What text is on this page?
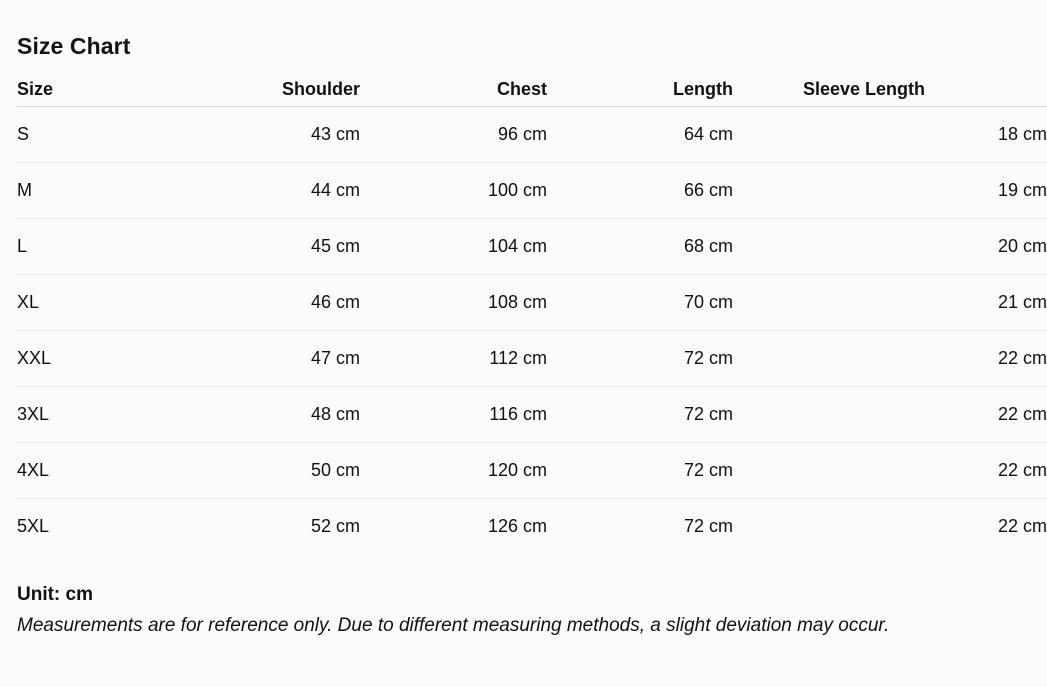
Size Chart
Size	Shoulder	Chest	Length	Sleeve Length
S	43 cm	96 cm	64 cm	18 cm
M	44 cm	100 cm	66 cm	19 cm
L	45 cm	104 cm	68 cm	20 cm
XL	46 cm	108 cm	70 cm	21 cm
XXL	47 cm	112 cm	72 cm	22 cm
3XL	48 cm	116 cm	72 cm	22 cm
4XL	50 cm	120 cm	72 cm	22 cm
5XL	52 cm	126 cm	72 cm	22 cm
Unit: cm
Measurements are for reference only. Due to different measuring methods, a slight deviation may occur.
